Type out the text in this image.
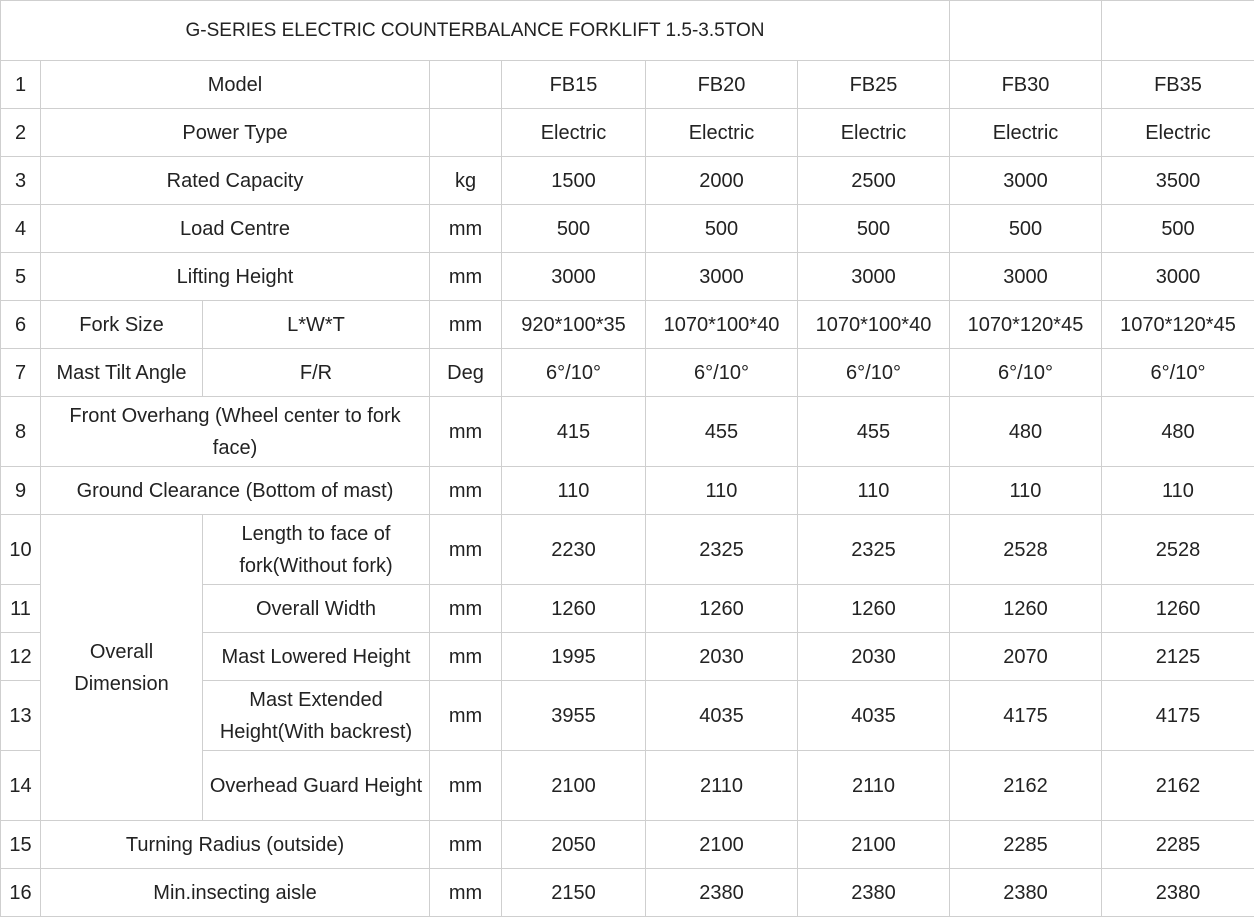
G-SERIES ELECTRIC COUNTERBALANCE FORKLIFT 1.5-3.5TON								
1	Model			FB15	FB20	FB25	FB30	FB35
2	Power Type			Electric	Electric	Electric	Electric	Electric
3	Rated Capacity		kg	1500	2000	2500	3000	3500
4	Load Centre		mm	500	500	500	500	500
5	Lifting Height		mm	3000	3000	3000	3000	3000
6	Fork Size	L*W*T	mm	920*100*35	1070*100*40	1070*100*40	1070*120*45	1070*120*45
7	Mast Tilt Angle	F/R	Deg	6°/10°	6°/10°	6°/10°	6°/10°	6°/10°
8	Front Overhang (Wheel center to fork face)		mm	415	455	455	480	480
9	Ground Clearance (Bottom of mast)		mm	110	110	110	110	110
10	Overall Dimension	Length to face of fork(Without fork)	mm	2230	2325	2325	2528	2528
11		Overall Width	mm	1260	1260	1260	1260	1260
12		Mast Lowered Height	mm	1995	2030	2030	2070	2125
13		Mast Extended Height(With backrest)	mm	3955	4035	4035	4175	4175
14		Overhead Guard Height	mm	2100	2110	2110	2162	2162
15	Turning Radius (outside)		mm	2050	2100	2100	2285	2285
16	Min.insecting aisle		mm	2150	2380	2380	2380	2380
